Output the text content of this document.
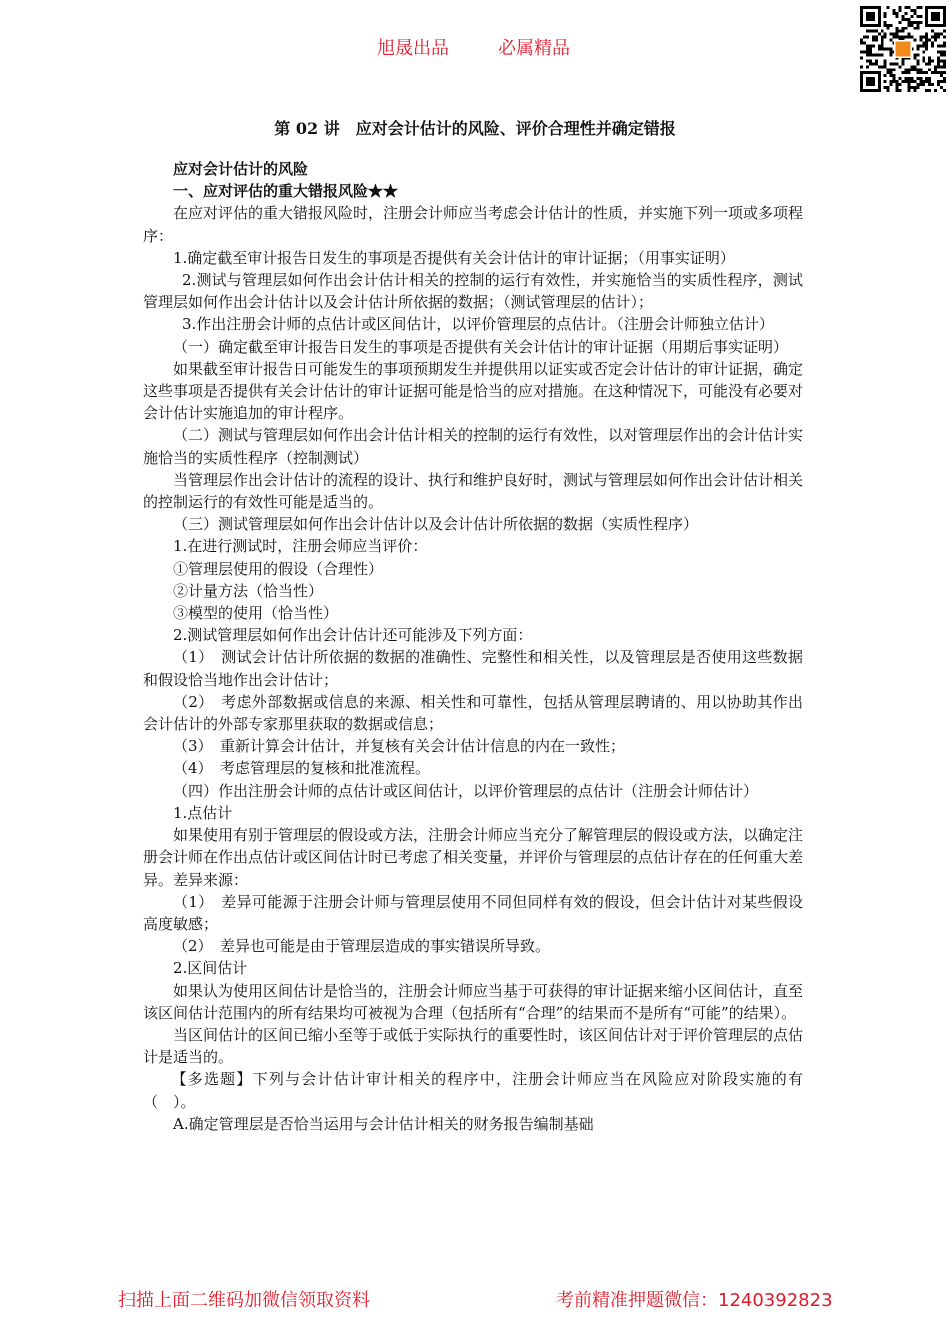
旭晟出品	必属精品
第 02 讲　应对会计估计的风险、评价合理性并确定错报

应对会计估计的风险

一、应对评估的重大错报风险★★

在应对评估的重大错报风险时，注册会计师应当考虑会计估计的性质，并实施下列一项或多项程序：

1.确定截至审计报告日发生的事项是否提供有关会计估计的审计证据；（用事实证明）

2.测试与管理层如何作出会计估计相关的控制的运行有效性，并实施恰当的实质性程序，测试管理层如何作出会计估计以及会计估计所依据的数据；（测试管理层的估计）；

3.作出注册会计师的点估计或区间估计，以评价管理层的点估计。（注册会计师独立估计）

（一）确定截至审计报告日发生的事项是否提供有关会计估计的审计证据（用期后事实证明）

如果截至审计报告日可能发生的事项预期发生并提供用以证实或否定会计估计的审计证据，确定这些事项是否提供有关会计估计的审计证据可能是恰当的应对措施。在这种情况下，可能没有必要对会计估计实施追加的审计程序。

（二）测试与管理层如何作出会计估计相关的控制的运行有效性，以对管理层作出的会计估计实施恰当的实质性程序（控制测试）

当管理层作出会计估计的流程的设计、执行和维护良好时，测试与管理层如何作出会计估计相关的控制运行的有效性可能是适当的。

（三）测试管理层如何作出会计估计以及会计估计所依据的数据（实质性程序）

1.在进行测试时，注册会师应当评价：

①管理层使用的假设（合理性）

②计量方法（恰当性）

③模型的使用（恰当性）

2.测试管理层如何作出会计估计还可能涉及下列方面：

（1）　测试会计估计所依据的数据的准确性、完整性和相关性，以及管理层是否使用这些数据和假设恰当地作出会计估计；

（2）　考虑外部数据或信息的来源、相关性和可靠性，包括从管理层聘请的、用以协助其作出会计估计的外部专家那里获取的数据或信息；

（3）　重新计算会计估计，并复核有关会计估计信息的内在一致性；

（4）　考虑管理层的复核和批准流程。

（四）作出注册会计师的点估计或区间估计，以评价管理层的点估计（注册会计师估计）

1.点估计

如果使用有别于管理层的假设或方法，注册会计师应当充分了解管理层的假设或方法，以确定注册会计师在作出点估计或区间估计时已考虑了相关变量，并评价与管理层的点估计存在的任何重大差异。差异来源：

（1）　差异可能源于注册会计师与管理层使用不同但同样有效的假设，但会计估计对某些假设高度敏感；

（2）　差异也可能是由于管理层造成的事实错误所导致。

2.区间估计

如果认为使用区间估计是恰当的，注册会计师应当基于可获得的审计证据来缩小区间估计，直至该区间估计范围内的所有结果均可被视为合理（包括所有“合理”的结果而不是所有“可能”的结果）。

当区间估计的区间已缩小至等于或低于实际执行的重要性时，该区间估计对于评价管理层的点估计是适当的。

【多选题】下列与会计估计审计相关的程序中，注册会计师应当在风险应对阶段实施的有（　）。

A.确定管理层是否恰当运用与会计估计相关的财务报告编制基础

扫描上面二维码加微信领取资料	考前精准押题微信：1240392823
